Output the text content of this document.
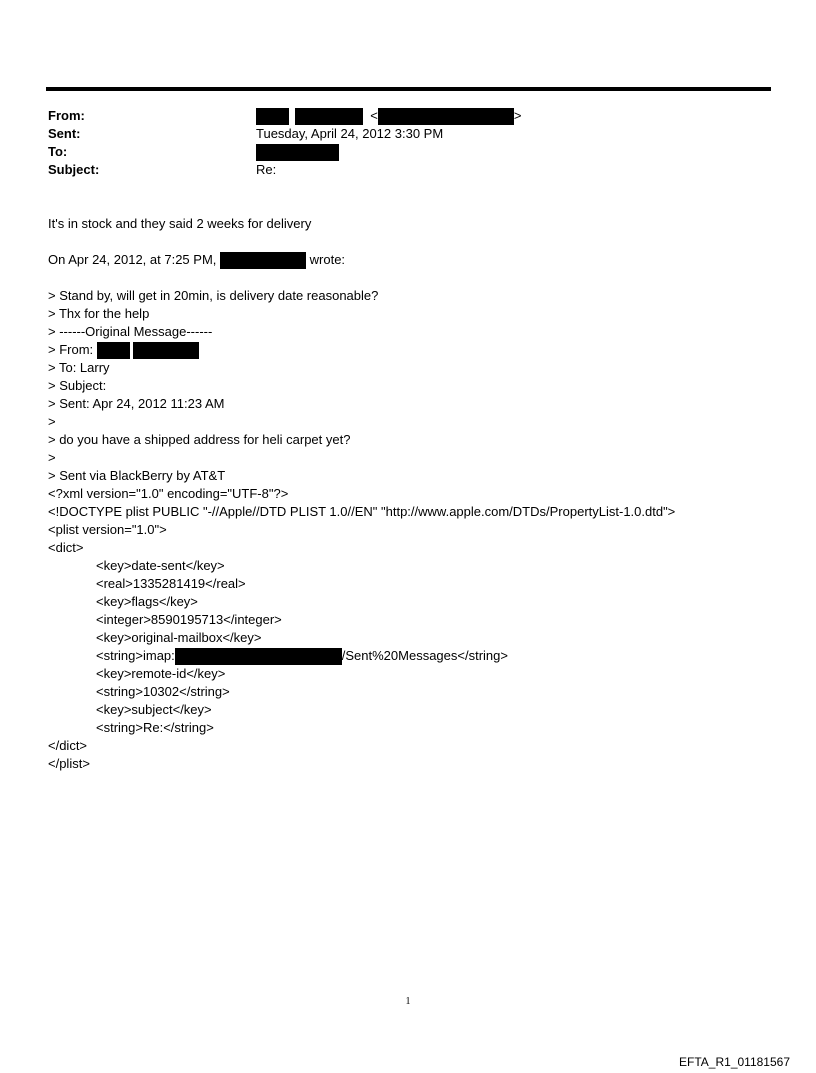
From:	<	>
Sent:	Tuesday, April 24, 2012 3:30 PM
To:
Subject:	Re:
It's in stock and they said 2 weeks for delivery
On Apr 24, 2012, at 7:25 PM,	wrote:
> Stand by, will get in 20min, is delivery date reasonable?
> Thx for the help
> ------Original Message------
> From:
> To: Larry
> Subject:
> Sent: Apr 24, 2012 11:23 AM
>
> do you have a shipped address for heli carpet yet?
>
> Sent via BlackBerry by AT&T
<?xml version="1.0" encoding="UTF-8"?>
<!DOCTYPE plist PUBLIC "-//Apple//DTD PLIST 1.0//EN" "http://www.apple.com/DTDs/PropertyList-1.0.dtd">
<plist version="1.0">
<dict>
<key>date-sent</key>
<real>1335281419</real>
<key>flags</key>
<integer>8590195713</integer>
<key>original-mailbox</key>
<string>imap:	/Sent%20Messages</string>
<key>remote-id</key>
<string>10302</string>
<key>subject</key>
<string>Re:</string>
</dict>
</plist>
1
EFTA_R1_01181567
